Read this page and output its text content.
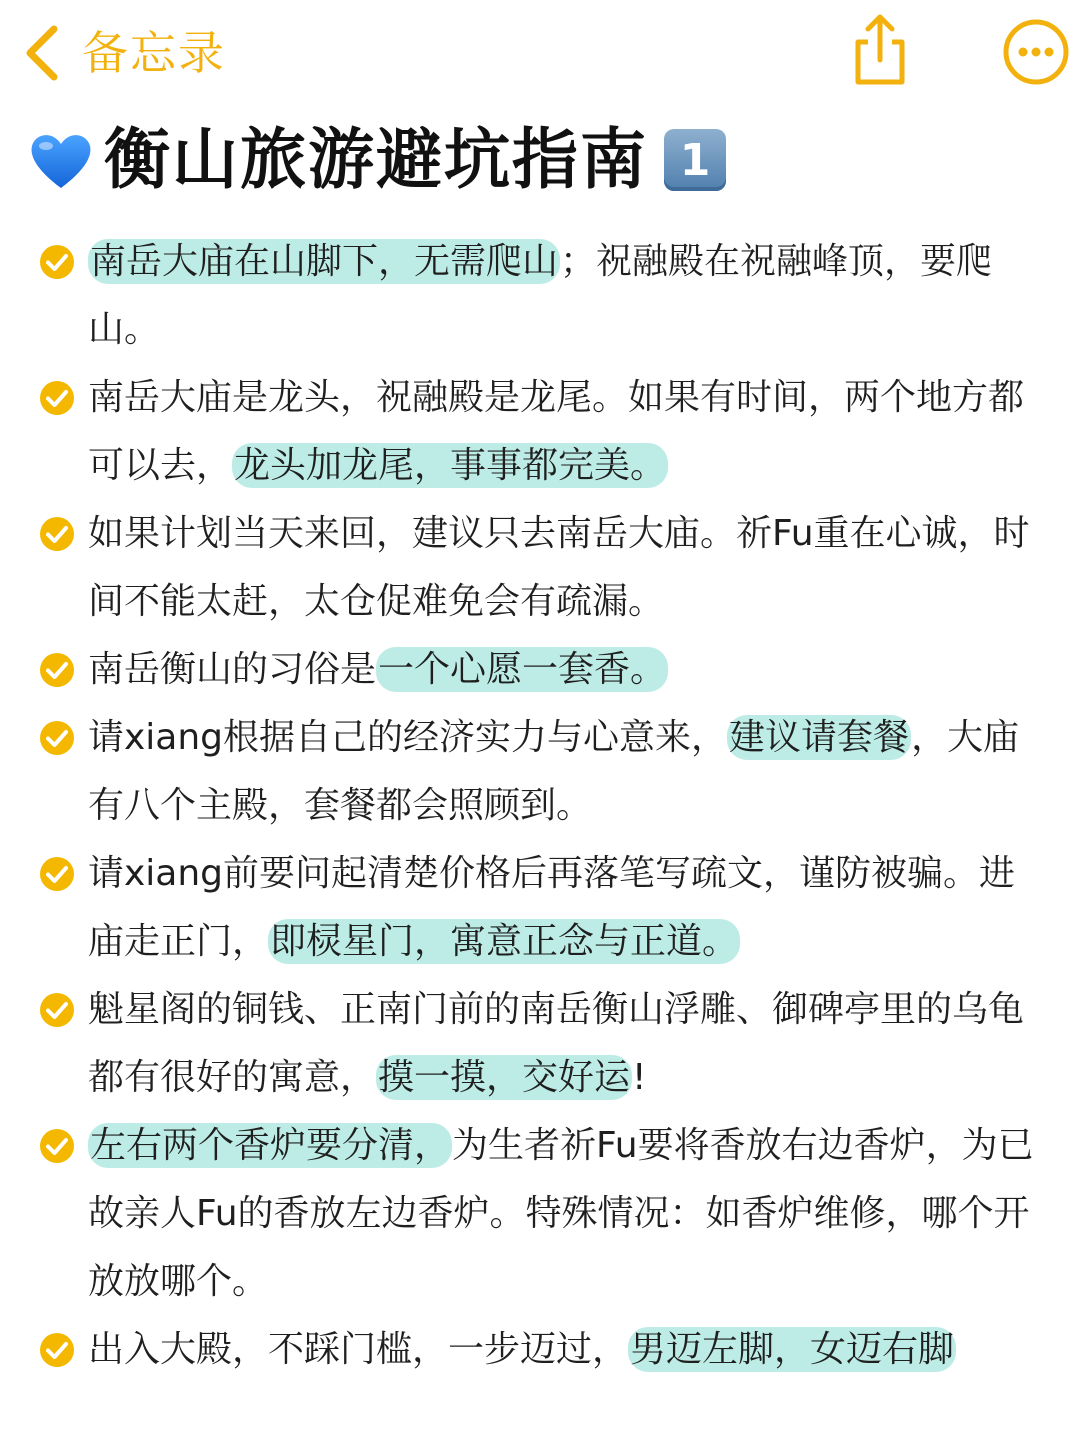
备忘录
衡山旅游避坑指南 1
南岳大庙在山脚下，无需爬山；祝融殿在祝融峰顶，要爬山。
南岳大庙是龙头，祝融殿是龙尾。如果有时间，两个地方都可以去，龙头加龙尾，事事都完美。
如果计划当天来回，建议只去南岳大庙。祈Fu重在心诚，时间不能太赶，太仓促难免会有疏漏。
南岳衡山的习俗是一个心愿一套香。
请xiang根据自己的经济实力与心意来，建议请套餐，大庙有八个主殿，套餐都会照顾到。
请xiang前要问起清楚价格后再落笔写疏文，谨防被骗。进庙走正门，即棂星门，寓意正念与正道。
魁星阁的铜钱、正南门前的南岳衡山浮雕、御碑亭里的乌龟都有很好的寓意，摸一摸，交好运!
左右两个香炉要分清，为生者祈Fu要将香放右边香炉，为已故亲人Fu的香放左边香炉。特殊情况：如香炉维修，哪个开放放哪个。
出入大殿，不踩门槛，一步迈过，男迈左脚，女迈右脚
